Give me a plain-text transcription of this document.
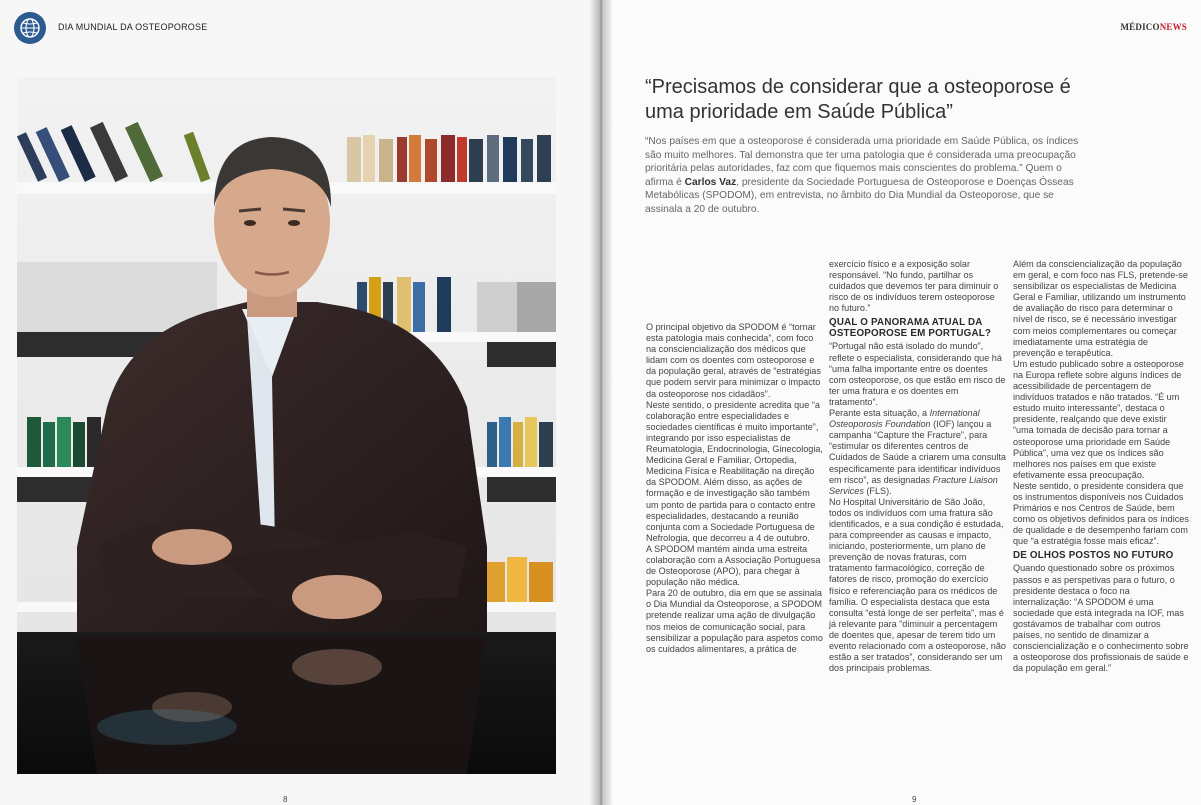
DIA MUNDIAL DA OSTEOPOROSE
8
MÉDICONEWS
“Precisamos de considerar que a osteoporose é uma prioridade em Saúde Pública”

“Nos países em que a osteoporose é considerada uma prioridade em Saúde Pública, os índices são muito melhores. Tal demonstra que ter uma patologia que é considerada uma preocupação prioritária pelas autoridades, faz com que fiquemos mais conscientes do problema.” Quem o afirma é Carlos Vaz, presidente da Sociedade Portuguesa de Osteoporose e Doenças Ósseas Metabólicas (SPODOM), em entrevista, no âmbito do Dia Mundial da Osteoporose, que se assinala a 20 de outubro.

O principal objetivo da SPODOM é “tornar esta patologia mais conhecida”, com foco na consciencialização dos médicos que lidam com os doentes com osteoporose e da população geral, através de “estratégias que podem servir para minimizar o impacto da osteoporose nos cidadãos”.

Neste sentido, o presidente acredita que “a colaboração entre especialidades e sociedades científicas é muito importante”, integrando por isso especialistas de Reumatologia, Endocrinologia, Ginecologia, Medicina Geral e Familiar, Ortopedia, Medicina Física e Reabilitação na direção da SPODOM. Além disso, as ações de formação e de investigação são também um ponto de partida para o contacto entre especialidades, destacando a reunião conjunta com a Sociedade Portuguesa de Nefrologia, que decorreu a 4 de outubro.

A SPODOM mantém ainda uma estreita colaboração com a Associação Portuguesa de Osteoporose (APO), para chegar à população não médica.

Para 20 de outubro, dia em que se assinala o Dia Mundial da Osteoporose, a SPODOM pretende realizar uma ação de divulgação nos meios de comunicação social, para sensibilizar a população para aspetos como os cuidados alimentares, a prática de

exercício físico e a exposição solar responsável. “No fundo, partilhar os cuidados que devemos ter para diminuir o risco de os indivíduos terem osteoporose no futuro.”

QUAL O PANORAMA ATUAL DA OSTEOPOROSE EM PORTUGAL?

“Portugal não está isolado do mundo”, reflete o especialista, considerando que há “uma falha importante entre os doentes com osteoporose, os que estão em risco de ter uma fratura e os doentes em tratamento”.

Perante esta situação, a International Osteoporosis Foundation (IOF) lançou a campanha “Capture the Fracture”, para “estimular os diferentes centros de Cuidados de Saúde a criarem uma consulta especificamente para identificar indivíduos em risco”, as designadas Fracture Liaison Services (FLS).

No Hospital Universitário de São João, todos os indivíduos com uma fratura são identificados, e a sua condição é estudada, para compreender as causas e impacto, iniciando, posteriormente, um plano de prevenção de novas fraturas, com tratamento farmacológico, correção de fatores de risco, promoção do exercício físico e referenciação para os médicos de família. O especialista destaca que esta consulta “está longe de ser perfeita”, mas é já relevante para “diminuir a percentagem de doentes que, apesar de terem tido um evento relacionado com a osteoporose, não estão a ser tratados”, considerando ser um dos principais problemas.

Além da consciencialização da população em geral, e com foco nas FLS, pretende-se sensibilizar os especialistas de Medicina Geral e Familiar, utilizando um instrumento de avaliação do risco para determinar o nível de risco, se é necessário investigar com meios complementares ou começar imediatamente uma estratégia de prevenção e terapêutica.

Um estudo publicado sobre a osteoporose na Europa reflete sobre alguns índices de acessibilidade de percentagem de indivíduos tratados e não tratados. “É um estudo muito interessante”, destaca o presidente, realçando que deve existir “uma tomada de decisão para tornar a osteoporose uma prioridade em Saúde Pública”, uma vez que os índices são melhores nos países em que existe efetivamente essa preocupação.

Neste sentido, o presidente considera que os instrumentos disponíveis nos Cuidados Primários e nos Centros de Saúde, bem como os objetivos definidos para os índices de qualidade e de desempenho fariam com que “a estratégia fosse mais eficaz”.

DE OLHOS POSTOS NO FUTURO

Quando questionado sobre os próximos passos e as perspetivas para o futuro, o presidente destaca o foco na internalização: “A SPODOM é uma sociedade que está integrada na IOF, mas gostávamos de trabalhar com outros países, no sentido de dinamizar a consciencialização e o conhecimento sobre a osteoporose dos profissionais de saúde e da população em geral.”

9
